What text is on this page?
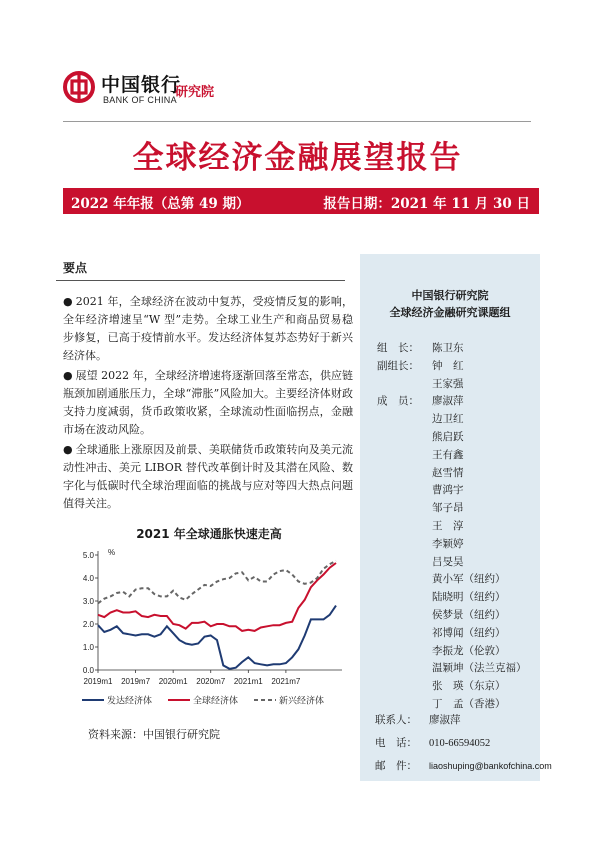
中国银行
BANK OF CHINA
研究院
全球经济金融展望报告
2022 年年报（总第 49 期）	报告日期：2021 年 11 月 30 日
要点
● 2021 年，全球经济在波动中复苏，受疫情反复的影响，全年经济增速呈“W 型”走势。全球工业生产和商品贸易稳步修复，已高于疫情前水平。发达经济体复苏态势好于新兴经济体。
● 展望 2022 年，全球经济增速将逐渐回落至常态，供应链瓶颈加剧通胀压力，全球“滞胀”风险加大。主要经济体财政支持力度减弱，货币政策收紧，全球流动性面临拐点，金融市场在波动风险。
● 全球通胀上涨原因及前景、美联储货币政策转向及美元流动性冲击、美元 LIBOR 替代改革倒计时及其潜在风险、数字化与低碳时代全球治理面临的挑战与应对等四大热点问题值得关注。
2021 年全球通胀快速走高
0.0
1.0
2.0
3.0
4.0
5.0 %
2019m1 2019m7 2020m1 2020m7 2021m1 2021m7
发达经济体	全球经济体	新兴经济体
资料来源：中国银行研究院
中国银行研究院
全球经济金融研究课题组
组　长： 陈卫东
副组长： 钟　红
王家强
成　员： 廖淑萍
边卫红
熊启跃
王有鑫
赵雪情
曹鸿宇
邹子昂
王　淳
李颖婷
吕旻昊
黄小军（纽约）
陆晓明（纽约）
侯梦景（纽约）
祁博闻（纽约）
李振龙（伦敦）
温颖坤（法兰克福）
张　瑛（东京）
丁　孟（香港）
联系人： 廖淑萍
电　话： 010-66594052
邮　件： liaoshuping@bankofchina.com
